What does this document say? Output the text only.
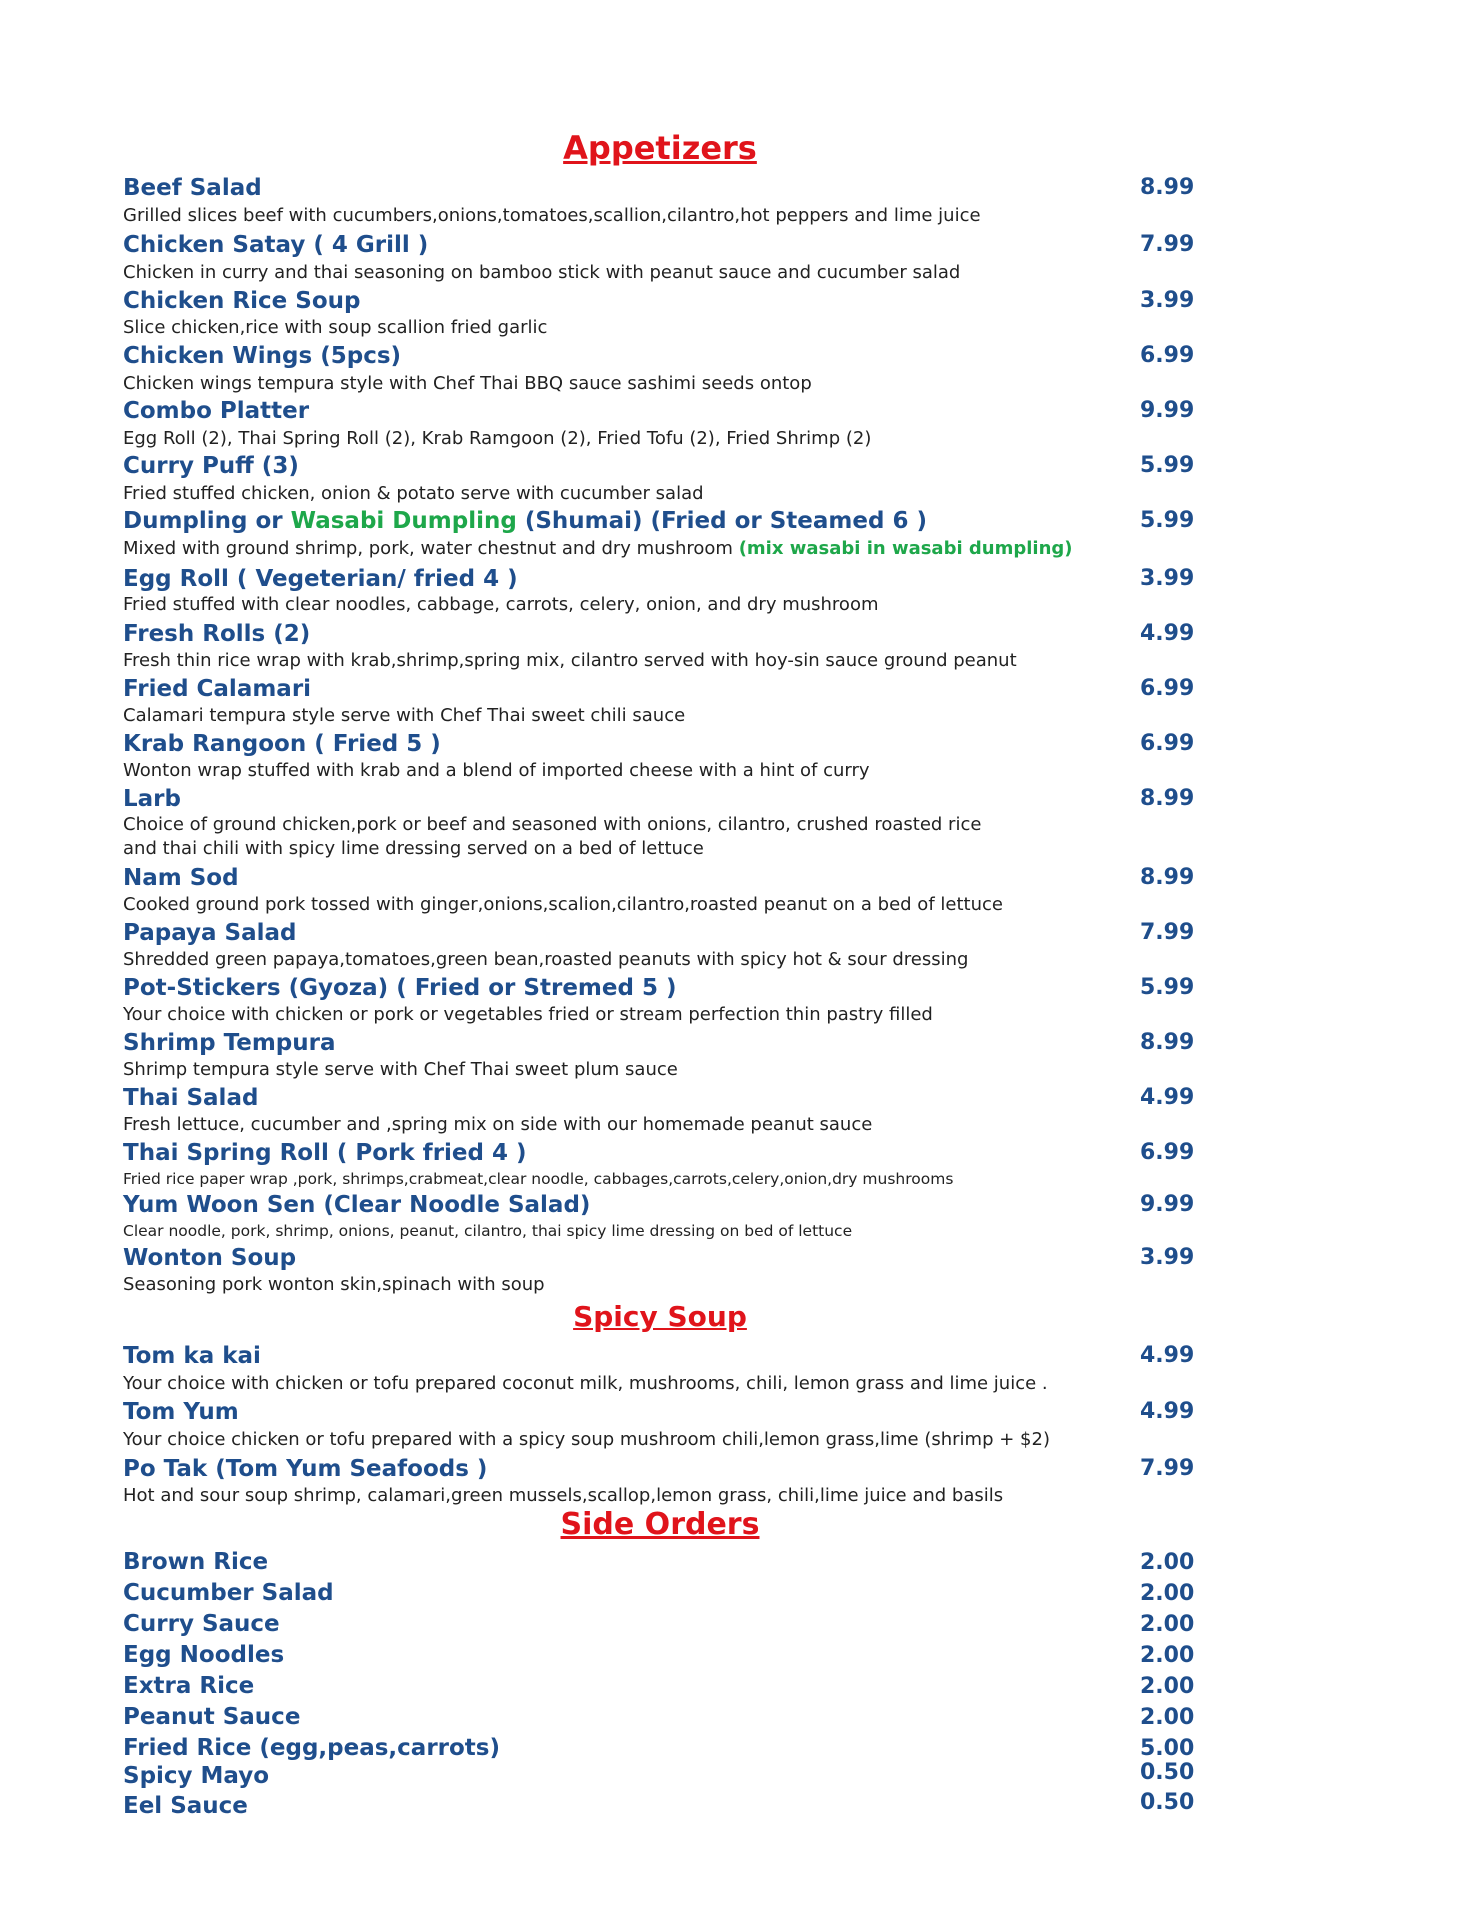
Appetizers
Beef Salad	8.99
Grilled slices beef with cucumbers,onions,tomatoes,scallion,cilantro,hot peppers and lime juice
Chicken Satay ( 4 Grill )	7.99
Chicken in curry and thai seasoning on bamboo stick with peanut sauce and cucumber salad
Chicken Rice Soup	3.99
Slice chicken,rice with soup scallion fried garlic
Chicken Wings (5pcs)	6.99
Chicken wings tempura style with Chef Thai BBQ sauce sashimi seeds ontop
Combo Platter	9.99
Egg Roll (2), Thai Spring Roll (2), Krab Ramgoon (2), Fried Tofu (2), Fried Shrimp (2)
Curry Puff (3)	5.99
Fried stuffed chicken, onion & potato serve with cucumber salad
Dumpling or Wasabi Dumpling (Shumai) (Fried or Steamed 6 )	5.99
Mixed with ground shrimp, pork, water chestnut and dry mushroom (mix wasabi in wasabi dumpling)
Egg Roll ( Vegeterian/ fried 4 )	3.99
Fried stuffed with clear noodles, cabbage, carrots, celery, onion, and dry mushroom
Fresh Rolls (2)	4.99
Fresh thin rice wrap with krab,shrimp,spring mix, cilantro served with hoy-sin sauce ground peanut
Fried Calamari	6.99
Calamari tempura style serve with Chef Thai sweet chili sauce
Krab Rangoon ( Fried 5 )	6.99
Wonton wrap stuffed with krab and a blend of imported cheese with a hint of curry
Larb	8.99
Choice of ground chicken,pork or beef and seasoned with onions, cilantro, crushed roasted rice
and thai chili with spicy lime dressing served on a bed of lettuce
Nam Sod	8.99
Cooked ground pork tossed with ginger,onions,scalion,cilantro,roasted peanut on a bed of lettuce
Papaya Salad	7.99
Shredded green papaya,tomatoes,green bean,roasted peanuts with spicy hot & sour dressing
Pot-Stickers (Gyoza) ( Fried or Stremed 5 )	5.99
Your choice with chicken or pork or vegetables fried or stream perfection thin pastry filled
Shrimp Tempura	8.99
Shrimp tempura style serve with Chef Thai sweet plum sauce
Thai Salad	4.99
Fresh lettuce, cucumber and ,spring mix on side with our homemade peanut sauce
Thai Spring Roll ( Pork fried 4 )	6.99
Fried rice paper wrap ,pork, shrimps,crabmeat,clear noodle, cabbages,carrots,celery,onion,dry mushrooms
Yum Woon Sen (Clear Noodle Salad)	9.99
Clear noodle, pork, shrimp, onions, peanut, cilantro, thai spicy lime dressing on bed of lettuce
Wonton Soup	3.99
Seasoning pork wonton skin,spinach with soup
Spicy Soup
Tom ka kai	4.99
Your choice with chicken or tofu prepared coconut milk, mushrooms, chili, lemon grass and lime juice .
Tom Yum	4.99
Your choice chicken or tofu prepared with a spicy soup mushroom chili,lemon grass,lime (shrimp + $2)
Po Tak (Tom Yum Seafoods )	7.99
Hot and sour soup shrimp, calamari,green mussels,scallop,lemon grass, chili,lime juice and basils
Side Orders
Brown Rice	2.00
Cucumber Salad	2.00
Curry Sauce	2.00
Egg Noodles	2.00
Extra Rice	2.00
Peanut Sauce	2.00
Fried Rice (egg,peas,carrots)	5.00
Spicy Mayo	0.50
Eel Sauce	0.50
